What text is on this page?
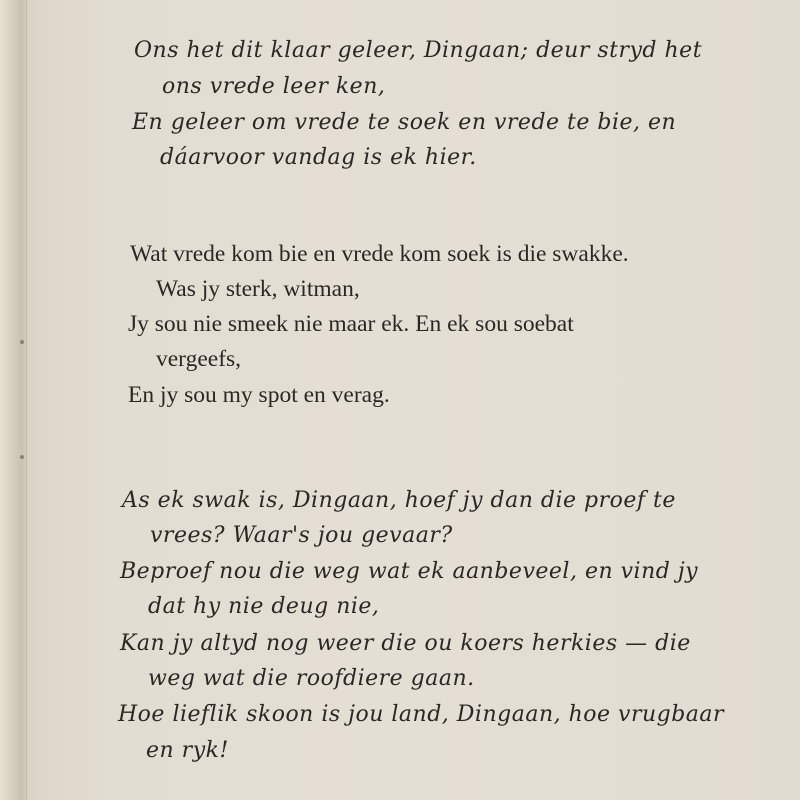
Ons het dit klaar geleer, Dingaan; deur stryd het
ons vrede leer ken,
En geleer om vrede te soek en vrede te bie, en
dáarvoor vandag is ek hier.
Wat vrede kom bie en vrede kom soek is die swakke.
Was jy sterk, witman,
Jy sou nie smeek nie maar ek. En ek sou soebat
vergeefs,
En jy sou my spot en verag.
As ek swak is, Dingaan, hoef jy dan die proef te
vrees? Waar's jou gevaar?
Beproef nou die weg wat ek aanbeveel, en vind jy
dat hy nie deug nie,
Kan jy altyd nog weer die ou koers herkies — die
weg wat die roofdiere gaan.
Hoe lieflik skoon is jou land, Dingaan, hoe vrugbaar
en ryk!
